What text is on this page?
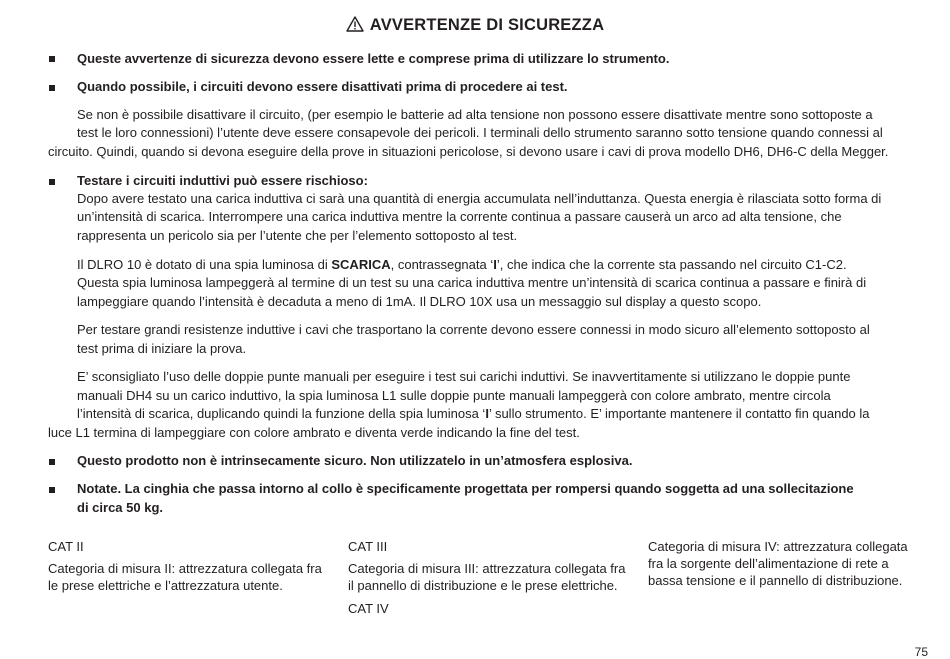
AVVERTENZE DI SICUREZZA
Queste avvertenze di sicurezza devono essere lette e comprese prima di utilizzare lo strumento.
Quando possibile, i circuiti devono essere disattivati prima di procedere ai test.
Se non è possibile disattivare il circuito, (per esempio le batterie ad alta tensione non possono essere disattivate mentre sono sottoposte a
test le loro connessioni) l’utente deve essere consapevole dei pericoli. I terminali dello strumento saranno sotto tensione quando connessi al
circuito. Quindi, quando si devona eseguire della prove in situazioni pericolose, si devono usare i cavi di prova modello DH6, DH6-C della Megger.
Testare i circuiti induttivi può essere rischioso:
Dopo avere testato una carica induttiva ci sarà una quantità di energia accumulata nell’induttanza. Questa energia è rilasciata sotto forma di
un’intensità di scarica. Interrompere una carica induttiva mentre la corrente continua a passare causerà un arco ad alta tensione, che
rappresenta un pericolo sia per l’utente che per l’elemento sottoposto al test.
Il DLRO 10 è dotato di una spia luminosa di SCARICA, contrassegnata ‘I’, che indica che la corrente sta passando nel circuito C1-C2.
Questa spia luminosa lampeggerà al termine di un test su una carica induttiva mentre un’intensità di scarica continua a passare e finirà di
lampeggiare quando l’intensità è decaduta a meno di 1mA. Il DLRO 10X usa un messaggio sul display a questo scopo.
Per testare grandi resistenze induttive i cavi che trasportano la corrente devono essere connessi in modo sicuro all’elemento sottoposto al
test prima di iniziare la prova.
E’ sconsigliato l’uso delle doppie punte manuali per eseguire i test sui carichi induttivi. Se inavvertitamente si utilizzano le doppie punte
manuali DH4 su un carico induttivo, la spia luminosa L1 sulle doppie punte manuali lampeggerà con colore ambrato, mentre circola
l’intensità di scarica, duplicando quindi la funzione della spia luminosa ‘I’ sullo strumento. E’ importante mantenere il contatto fin quando la
luce L1 termina di lampeggiare con colore ambrato e diventa verde indicando la fine del test.
Questo prodotto non è intrinsecamente sicuro. Non utilizzatelo in un’atmosfera esplosiva.
Notate. La cinghia che passa intorno al collo è specificamente progettata per rompersi quando soggetta ad una sollecitazione
di circa 50 kg.
CAT II
Categoria di misura II: attrezzatura collegata fra
le prese elettriche e l’attrezzatura utente.
CAT III
Categoria di misura III: attrezzatura collegata fra
il pannello di distribuzione e le prese elettriche.
CAT IV
Categoria di misura IV: attrezzatura collegata
fra la sorgente dell’alimentazione di rete a
bassa tensione e il pannello di distribuzione.
75
